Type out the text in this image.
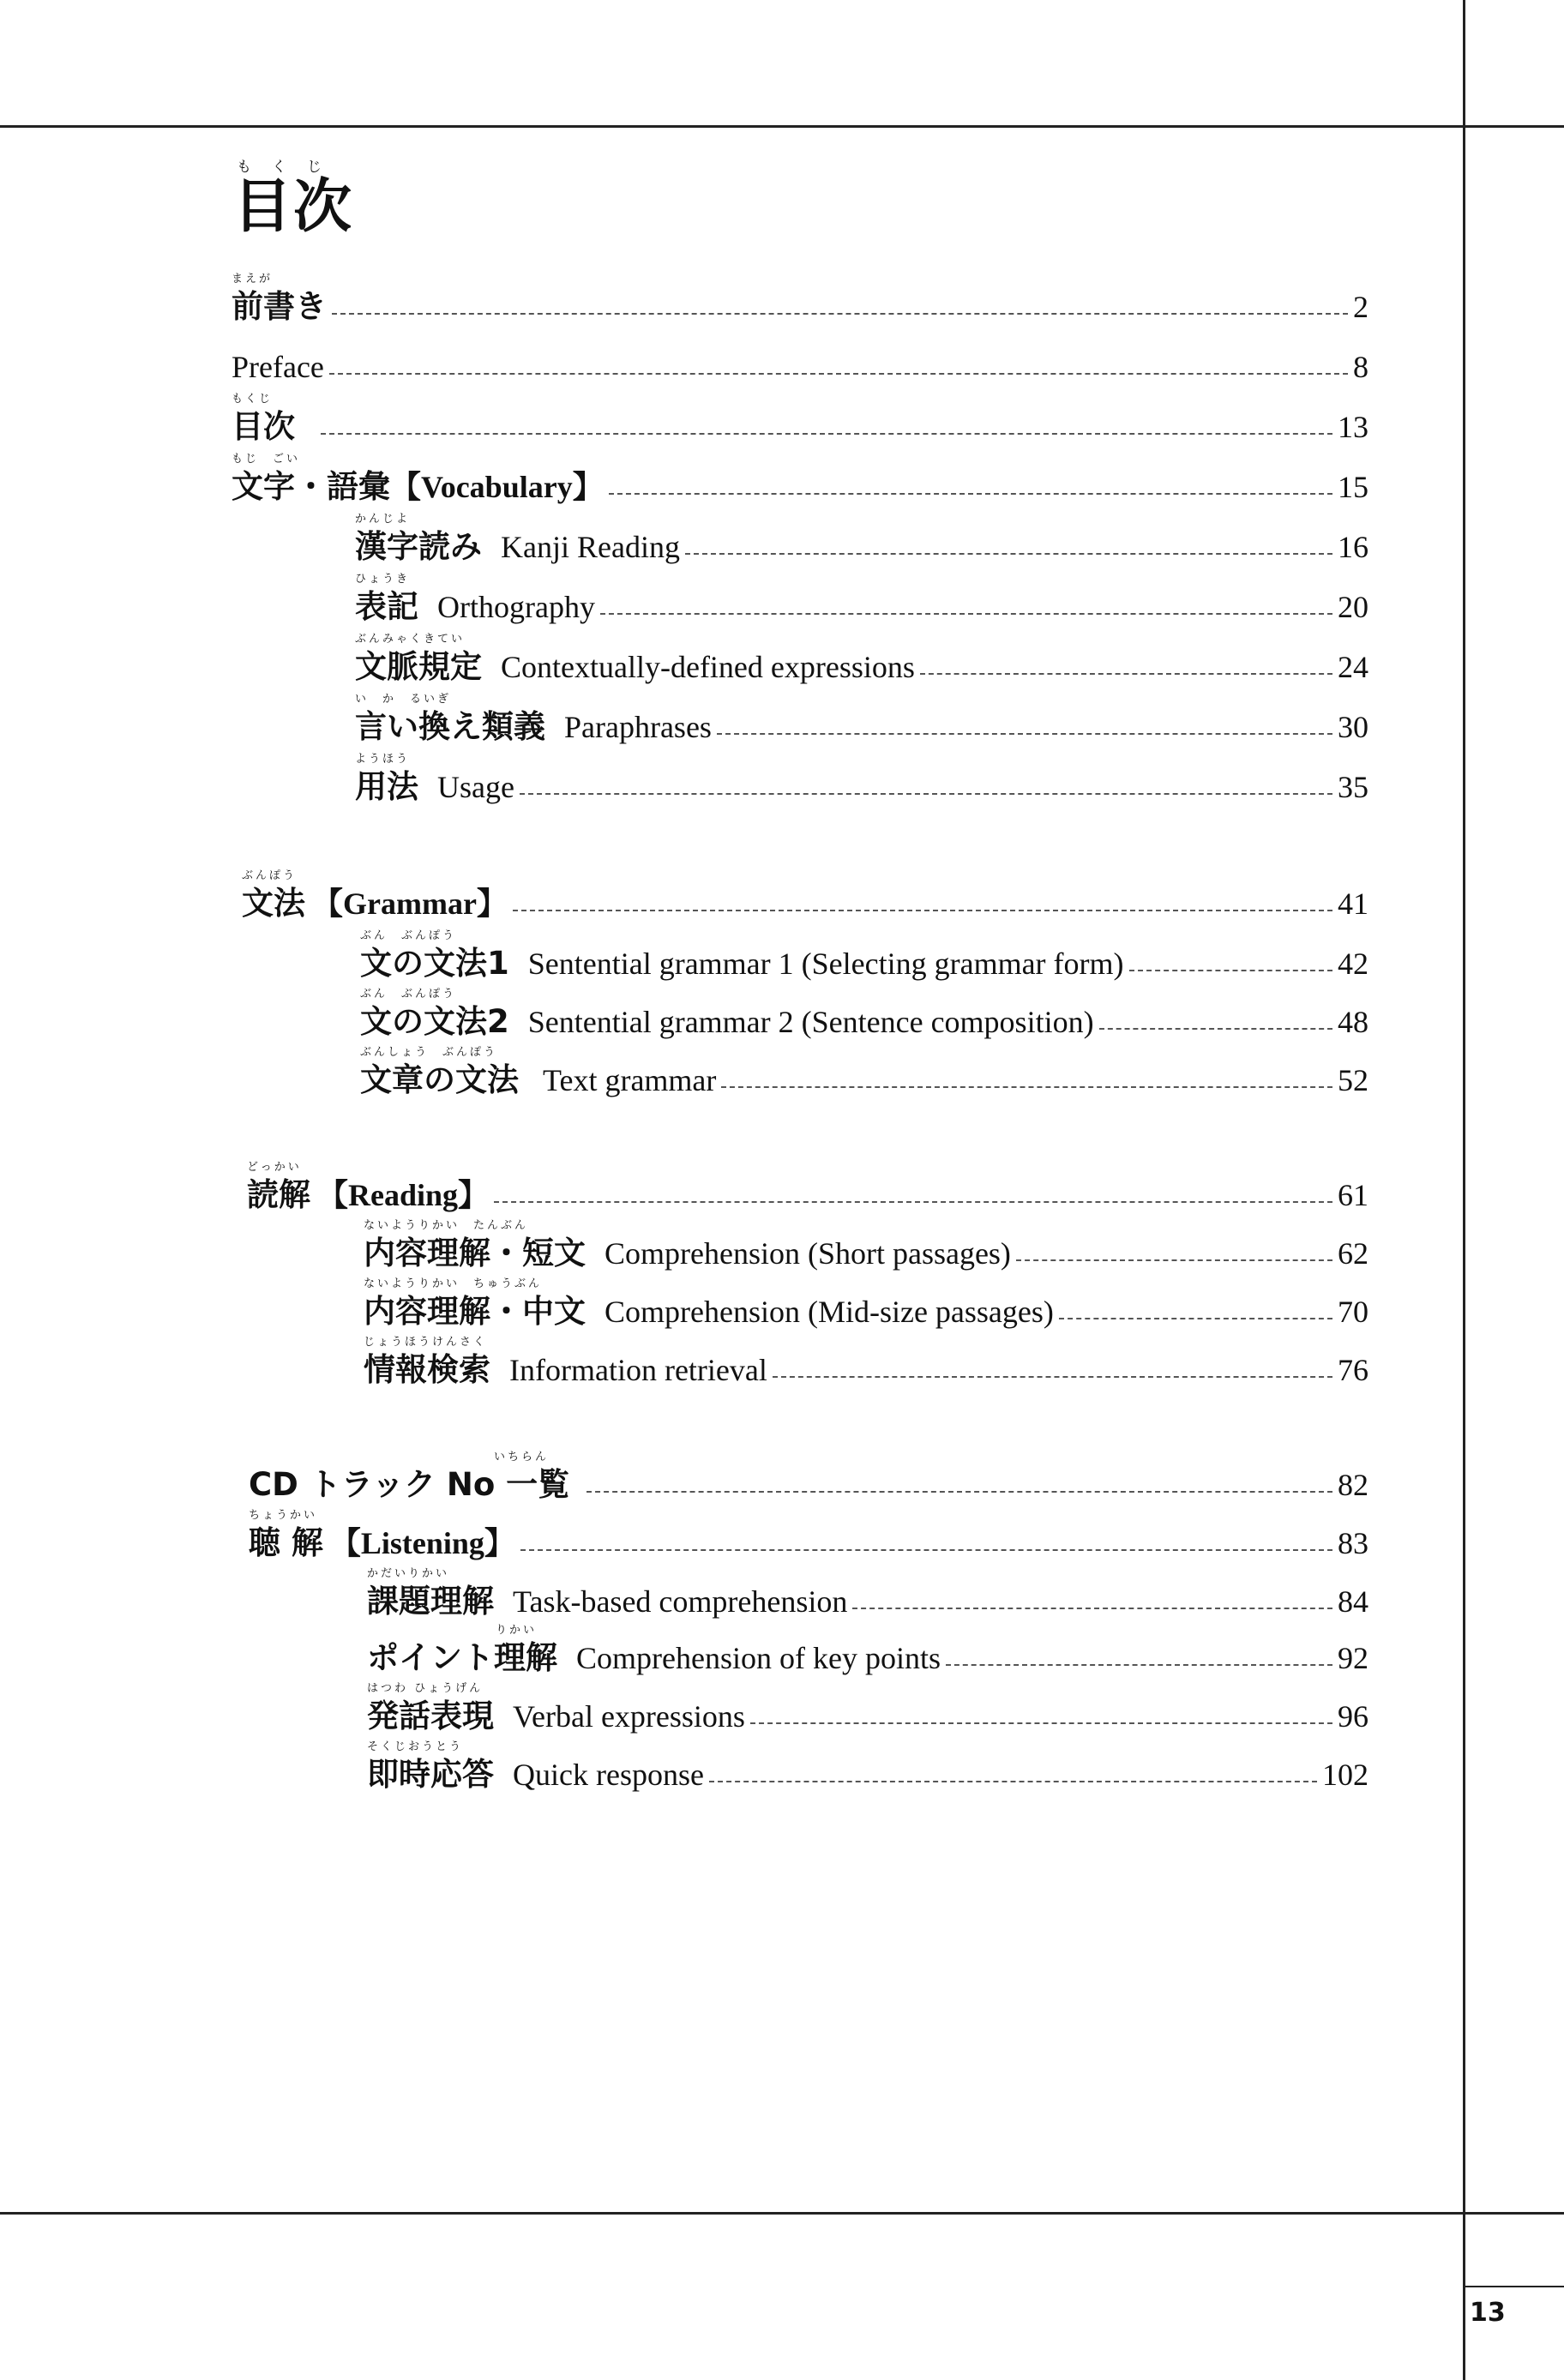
もくじ
目次
まえが
前書き	2
Preface	8
もくじ
目次	13
もじ　ごい
文字・語彙 【Vocabulary】	15
かんじよ
漢字読み Kanji Reading	16
ひょうき
表記 Orthography	20
ぶんみゃくきてい
文脈規定 Contextually-defined expressions	24
い　か　るいぎ
言い換え類義 Paraphrases	30
ようほう
用法 Usage	35
ぶんぽう
文法 【Grammar】	41
ぶん　ぶんぽう
文の文法1 Sentential grammar 1 (Selecting grammar form)	42
ぶん　ぶんぽう
文の文法2 Sentential grammar 2 (Sentence composition)	48
ぶんしょう　ぶんぽう
文章の文法 Text grammar	52
どっかい
読解 【Reading】	61
ないようりかい　たんぶん
内容理解・短文 Comprehension (Short passages)	62
ないようりかい　ちゅうぶん
内容理解・中文 Comprehension (Mid-size passages)	70
じょうほうけんさく
情報検索 Information retrieval	76
いちらん
CD トラック No 一覧	82
ちょうかい
聴 解 【Listening】	83
かだいりかい
課題理解 Task-based comprehension	84
りかい
ポイント理解 Comprehension of key points	92
はつわ ひょうげん
発話表現 Verbal expressions	96
そくじおうとう
即時応答 Quick response	102
13
